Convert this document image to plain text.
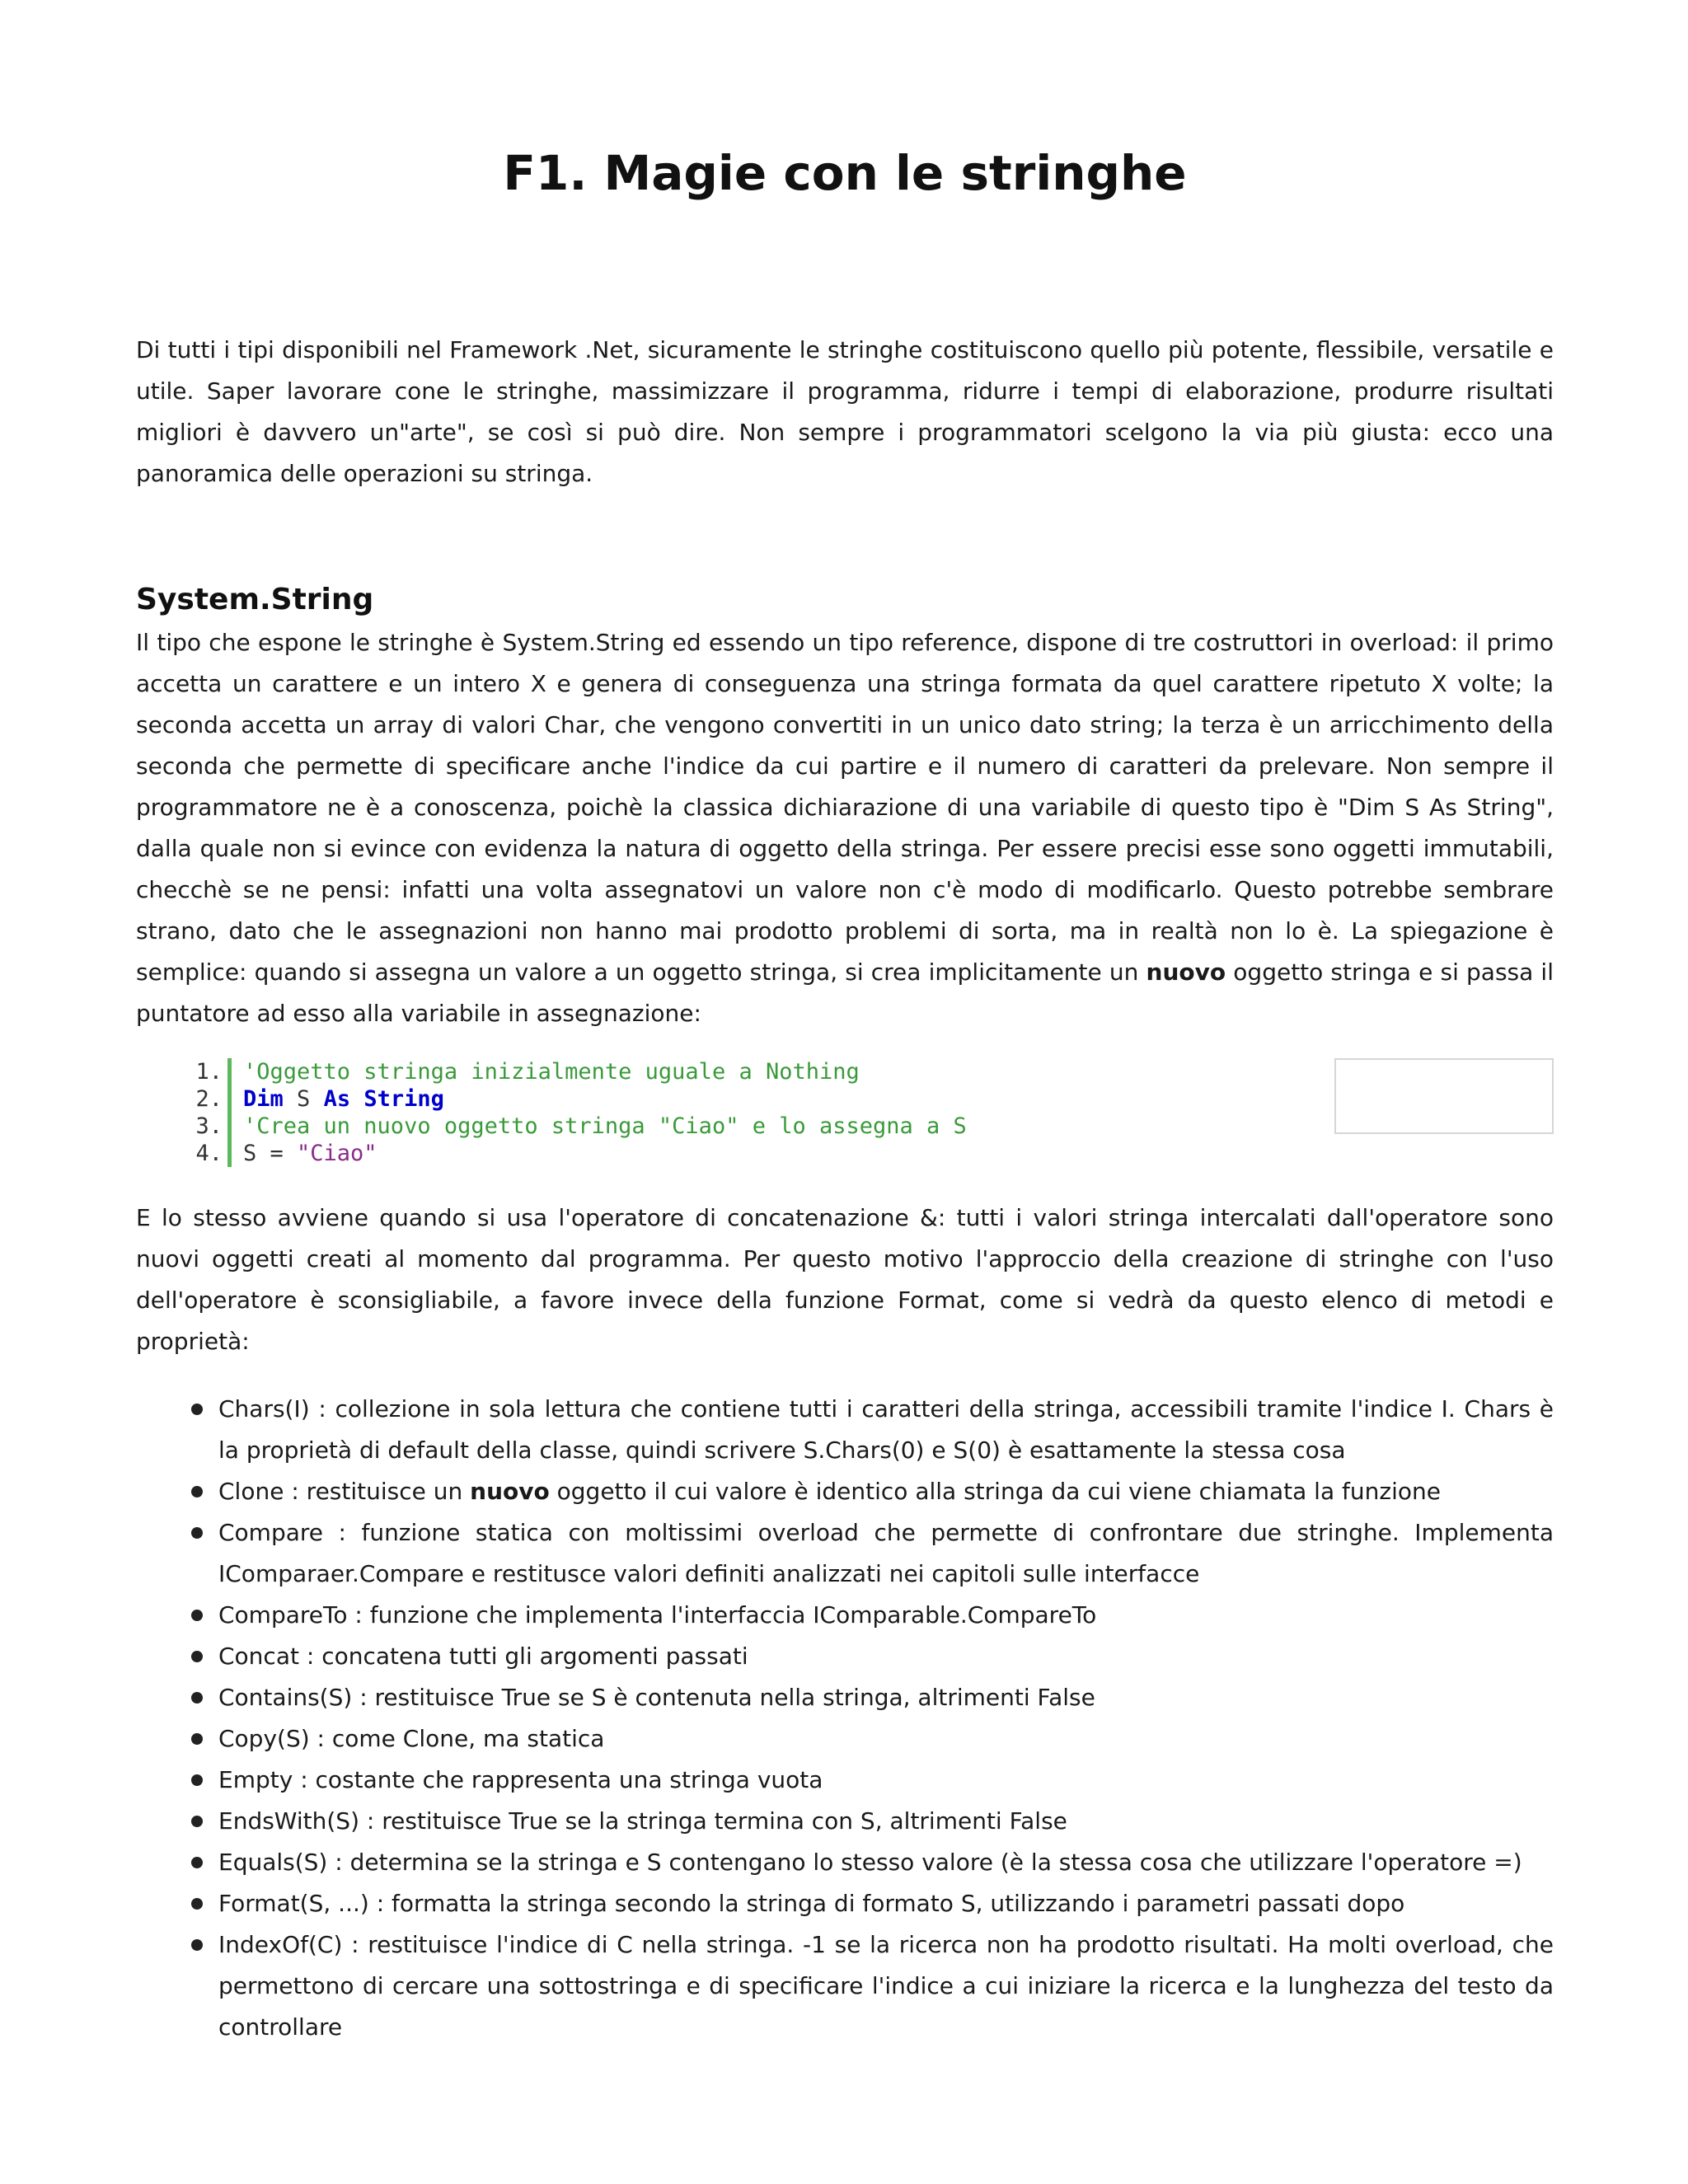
F1. Magie con le stringhe

Di tutti i tipi disponibili nel Framework .Net, sicuramente le stringhe costituiscono quello più potente, flessibile, versatile e utile. Saper lavorare cone le stringhe, massimizzare il programma, ridurre i tempi di elaborazione, produrre risultati migliori è davvero un"arte", se così si può dire. Non sempre i programmatori scelgono la via più giusta: ecco una panoramica delle operazioni su stringa.

System.String

Il tipo che espone le stringhe è System.String ed essendo un tipo reference, dispone di tre costruttori in overload: il primo accetta un carattere e un intero X e genera di conseguenza una stringa formata da quel carattere ripetuto X volte; la seconda accetta un array di valori Char, che vengono convertiti in un unico dato string; la terza è un arricchimento della seconda che permette di specificare anche l'indice da cui partire e il numero di caratteri da prelevare. Non sempre il programmatore ne è a conoscenza, poichè la classica dichiarazione di una variabile di questo tipo è "Dim S As String", dalla quale non si evince con evidenza la natura di oggetto della stringa. Per essere precisi esse sono oggetti immutabili, checchè se ne pensi: infatti una volta assegnatovi un valore non c'è modo di modificarlo. Questo potrebbe sembrare strano, dato che le assegnazioni non hanno mai prodotto problemi di sorta, ma in realtà non lo è. La spiegazione è semplice: quando si assegna un valore a un oggetto stringa, si crea implicitamente un nuovo oggetto stringa e si passa il puntatore ad esso alla variabile in assegnazione:

1. 'Oggetto stringa inizialmente uguale a Nothing
2. Dim S As String
3. 'Crea un nuovo oggetto stringa "Ciao" e lo assegna a S
4. S = "Ciao"

E lo stesso avviene quando si usa l'operatore di concatenazione &: tutti i valori stringa intercalati dall'operatore sono nuovi oggetti creati al momento dal programma. Per questo motivo l'approccio della creazione di stringhe con l'uso dell'operatore è sconsigliabile, a favore invece della funzione Format, come si vedrà da questo elenco di metodi e proprietà:

Chars(I) : collezione in sola lettura che contiene tutti i caratteri della stringa, accessibili tramite l'indice I. Chars è la proprietà di default della classe, quindi scrivere S.Chars(0) e S(0) è esattamente la stessa cosa
Clone : restituisce un nuovo oggetto il cui valore è identico alla stringa da cui viene chiamata la funzione
Compare : funzione statica con moltissimi overload che permette di confrontare due stringhe. Implementa IComparaer.Compare e restitusce valori definiti analizzati nei capitoli sulle interfacce
CompareTo : funzione che implementa l'interfaccia IComparable.CompareTo
Concat : concatena tutti gli argomenti passati
Contains(S) : restituisce True se S è contenuta nella stringa, altrimenti False
Copy(S) : come Clone, ma statica
Empty : costante che rappresenta una stringa vuota
EndsWith(S) : restituisce True se la stringa termina con S, altrimenti False
Equals(S) : determina se la stringa e S contengano lo stesso valore (è la stessa cosa che utilizzare l'operatore =)
Format(S, ...) : formatta la stringa secondo la stringa di formato S, utilizzando i parametri passati dopo
IndexOf(C) : restituisce l'indice di C nella stringa. -1 se la ricerca non ha prodotto risultati. Ha molti overload, che permettono di cercare una sottostringa e di specificare l'indice a cui iniziare la ricerca e la lunghezza del testo da controllare
